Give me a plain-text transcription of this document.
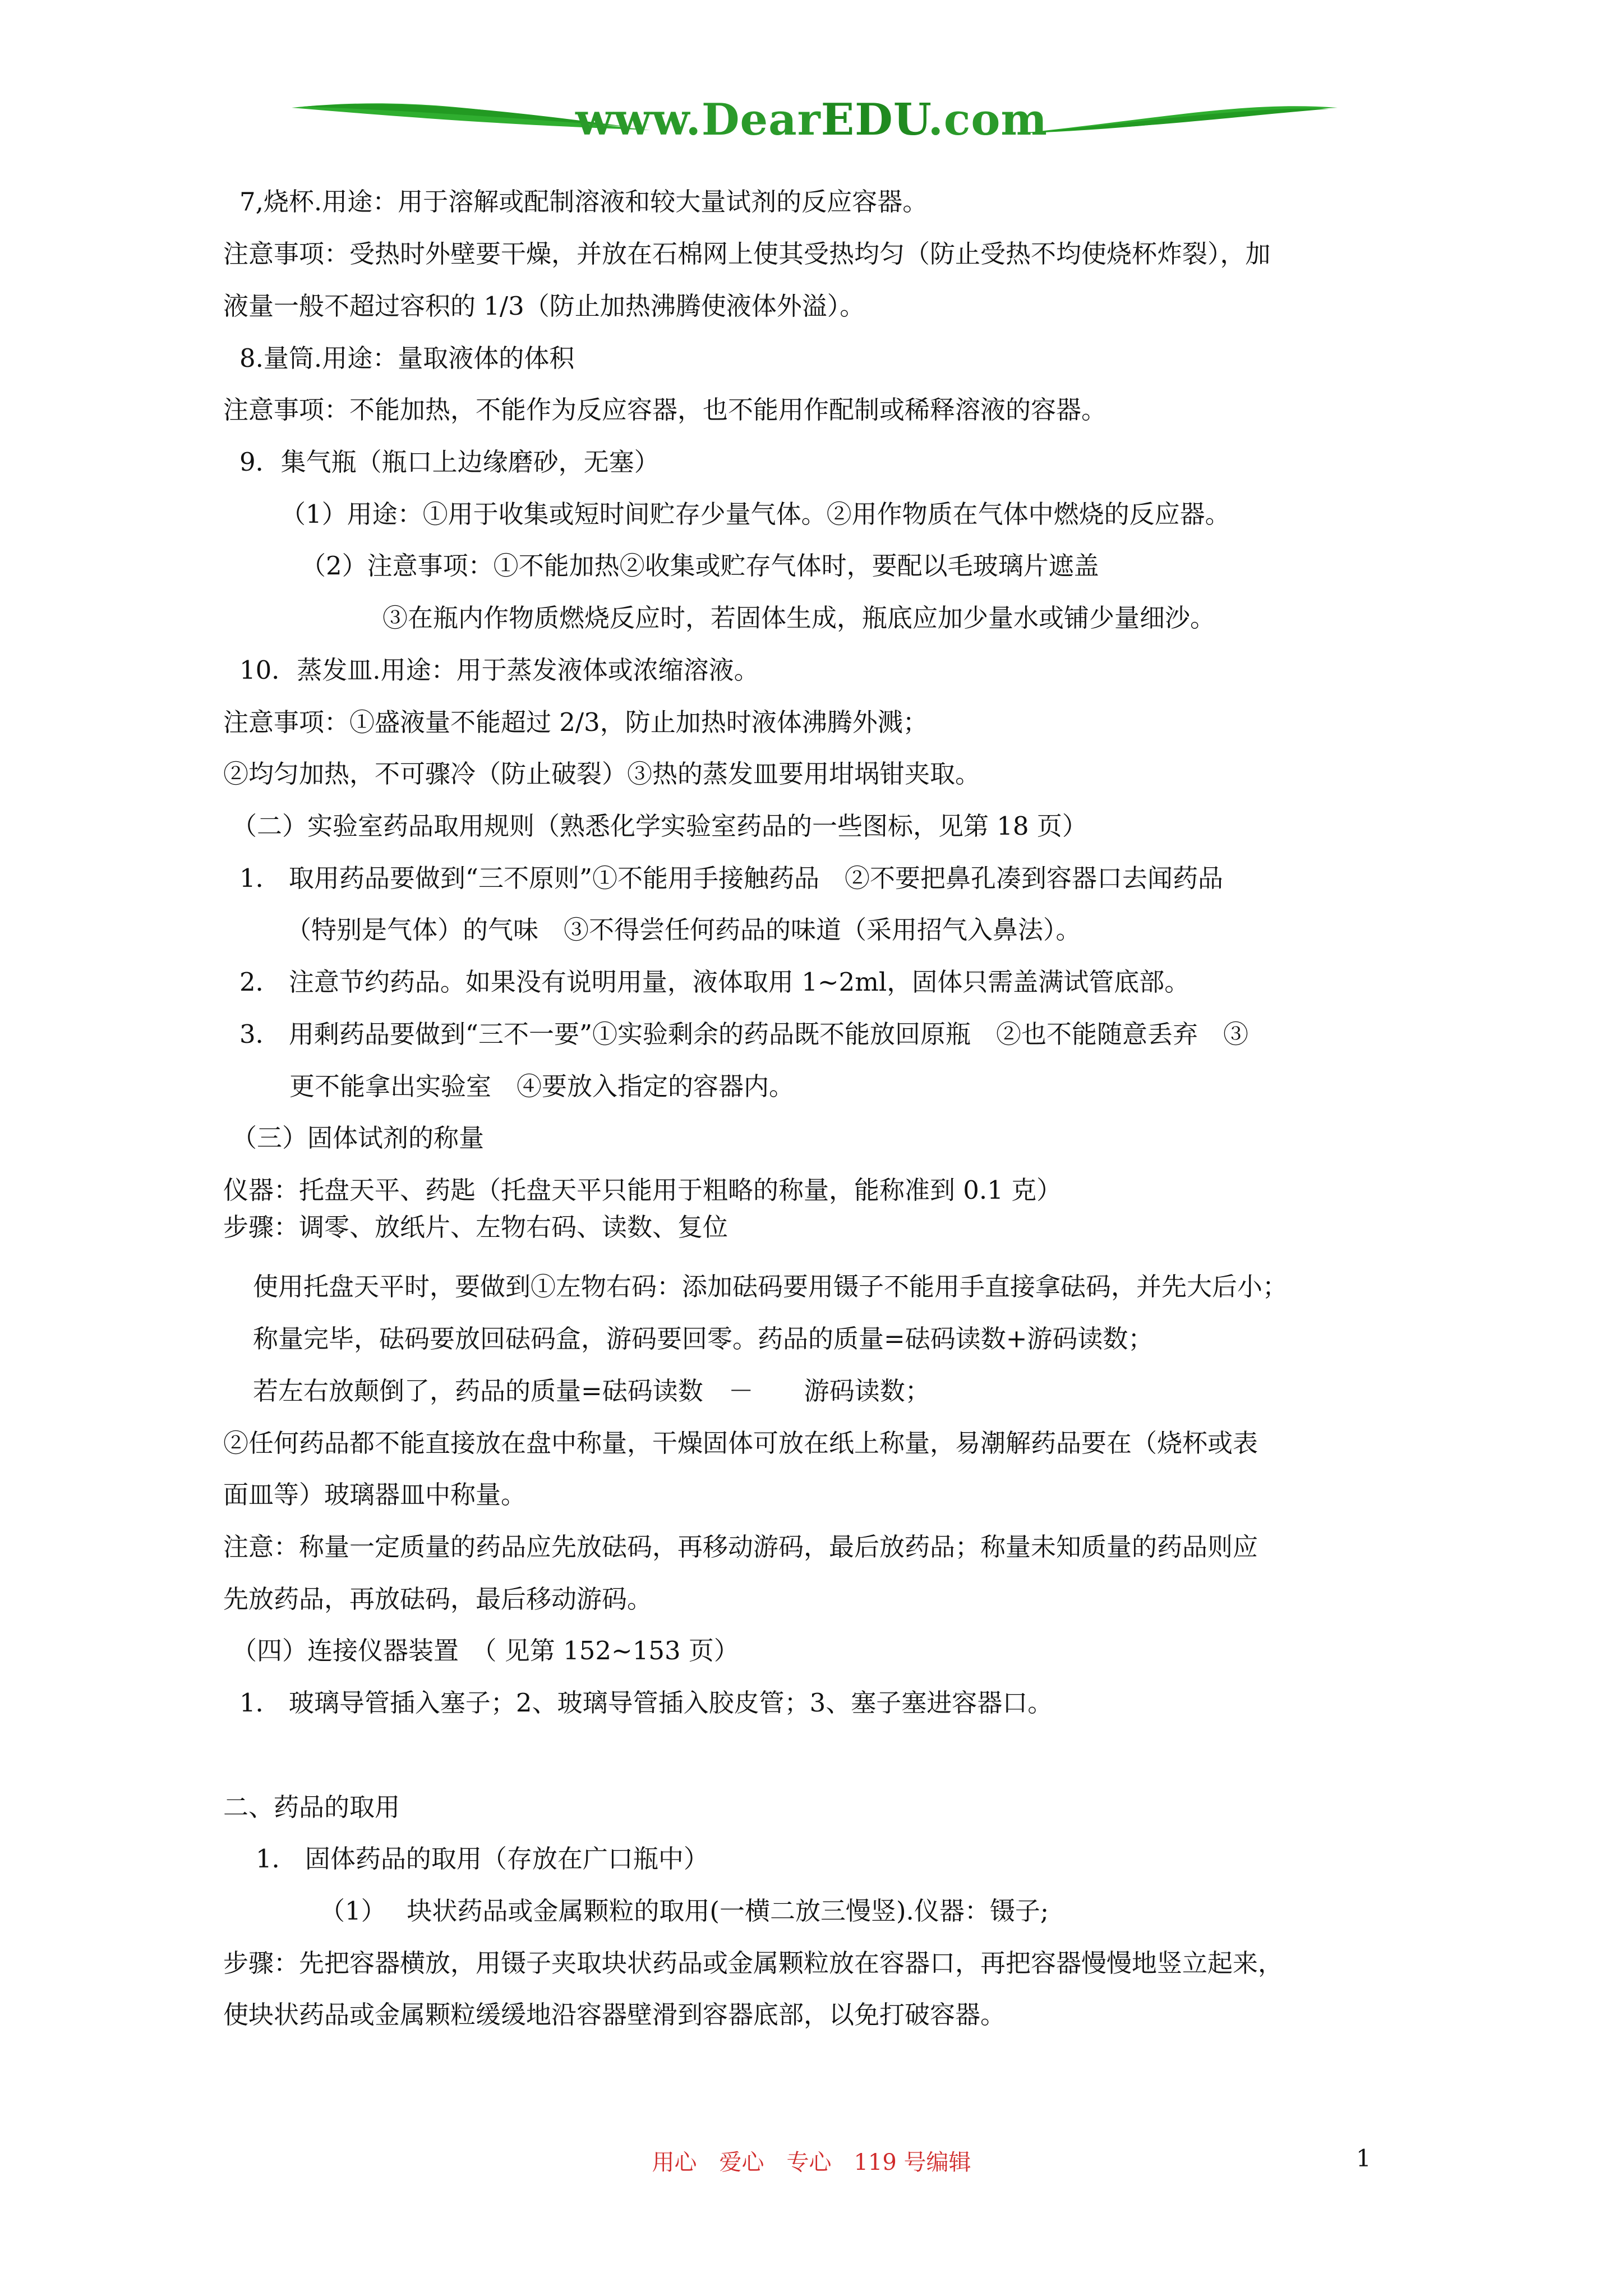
www.DearEDU.com
7,烧杯.用途：用于溶解或配制溶液和较大量试剂的反应容器。
注意事项：受热时外壁要干燥，并放在石棉网上使其受热均匀（防止受热不均使烧杯炸裂），加
液量一般不超过容积的 1/3（防止加热沸腾使液体外溢）。
8.量筒.用途：量取液体的体积
注意事项：不能加热，不能作为反应容器，也不能用作配制或稀释溶液的容器。
9．集气瓶（瓶口上边缘磨砂，无塞）
（1）用途：①用于收集或短时间贮存少量气体。②用作物质在气体中燃烧的反应器。
（2）注意事项：①不能加热②收集或贮存气体时，要配以毛玻璃片遮盖
③在瓶内作物质燃烧反应时，若固体生成，瓶底应加少量水或铺少量细沙。
10．蒸发皿.用途：用于蒸发液体或浓缩溶液。
注意事项：①盛液量不能超过 2/3，防止加热时液体沸腾外溅；
②均匀加热，不可骤冷（防止破裂）③热的蒸发皿要用坩埚钳夹取。
（二）实验室药品取用规则（熟悉化学实验室药品的一些图标，见第 18 页）
1． 取用药品要做到“三不原则”①不能用手接触药品　②不要把鼻孔凑到容器口去闻药品
（特别是气体）的气味　③不得尝任何药品的味道（采用招气入鼻法）。
2． 注意节约药品。如果没有说明用量，液体取用 1~2ml，固体只需盖满试管底部。
3． 用剩药品要做到“三不一要”①实验剩余的药品既不能放回原瓶　②也不能随意丢弃　③
更不能拿出实验室　④要放入指定的容器内。
（三）固体试剂的称量
仪器：托盘天平、药匙（托盘天平只能用于粗略的称量，能称准到 0.1 克）
步骤：调零、放纸片、左物右码、读数、复位
使用托盘天平时，要做到①左物右码：添加砝码要用镊子不能用手直接拿砝码，并先大后小；
称量完毕，砝码要放回砝码盒，游码要回零。药品的质量=砝码读数+游码读数；
若左右放颠倒了，药品的质量=砝码读数　－　　游码读数；
②任何药品都不能直接放在盘中称量，干燥固体可放在纸上称量，易潮解药品要在（烧杯或表
面皿等）玻璃器皿中称量。
注意：称量一定质量的药品应先放砝码，再移动游码，最后放药品；称量未知质量的药品则应
先放药品，再放砝码，最后移动游码。
（四）连接仪器装置　（ 见第 152~153 页）
1． 玻璃导管插入塞子；2、玻璃导管插入胶皮管；3、塞子塞进容器口。
二、药品的取用
1． 固体药品的取用（存放在广口瓶中）
（1）　 块状药品或金属颗粒的取用(一横二放三慢竖).仪器：镊子;
步骤：先把容器横放，用镊子夹取块状药品或金属颗粒放在容器口，再把容器慢慢地竖立起来，
使块状药品或金属颗粒缓缓地沿容器壁滑到容器底部，以免打破容器。
用心　爱心　专心　119 号编辑	1
